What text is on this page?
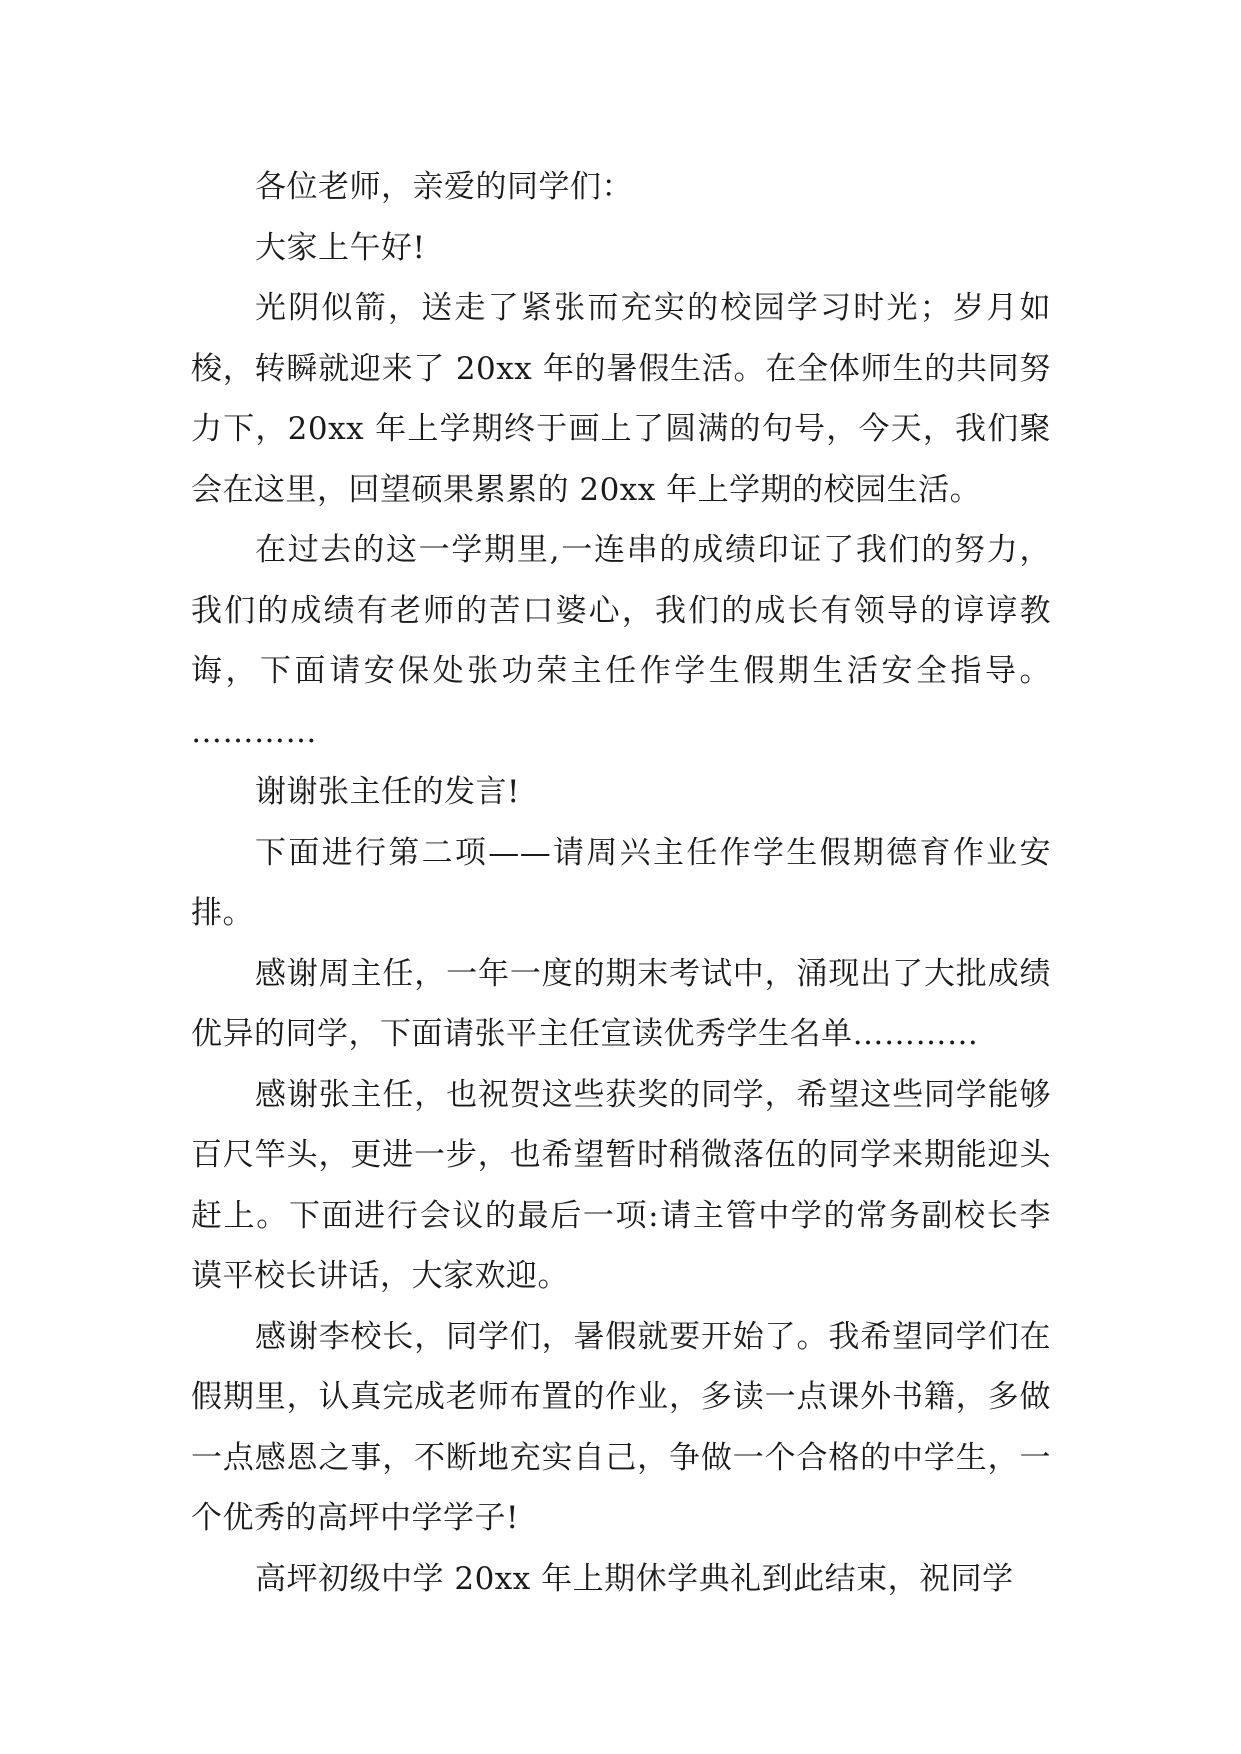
各位老师，亲爱的同学们：

大家上午好!

光阴似箭，送走了紧张而充实的校园学习时光；岁月如梭，转瞬就迎来了 20xx 年的暑假生活。在全体师生的共同努力下，20xx 年上学期终于画上了圆满的句号，今天，我们聚会在这里，回望硕果累累的 20xx 年上学期的校园生活。

在过去的这一学期里,一连串的成绩印证了我们的努力，我们的成绩有老师的苦口婆心，我们的成长有领导的谆谆教诲，下面请安保处张功荣主任作学生假期生活安全指导。 …………

谢谢张主任的发言!

下面进行第二项——请周兴主任作学生假期德育作业安排。

感谢周主任，一年一度的期末考试中，涌现出了大批成绩优异的同学，下面请张平主任宣读优秀学生名单…………

感谢张主任，也祝贺这些获奖的同学，希望这些同学能够百尺竿头，更进一步，也希望暂时稍微落伍的同学来期能迎头赶上。下面进行会议的最后一项:请主管中学的常务副校长李谟平校长讲话，大家欢迎。

感谢李校长，同学们，暑假就要开始了。我希望同学们在假期里，认真完成老师布置的作业，多读一点课外书籍，多做一点感恩之事，不断地充实自己，争做一个合格的中学生，一个优秀的高坪中学学子!

高坪初级中学 20xx 年上期休学典礼到此结束，祝同学
